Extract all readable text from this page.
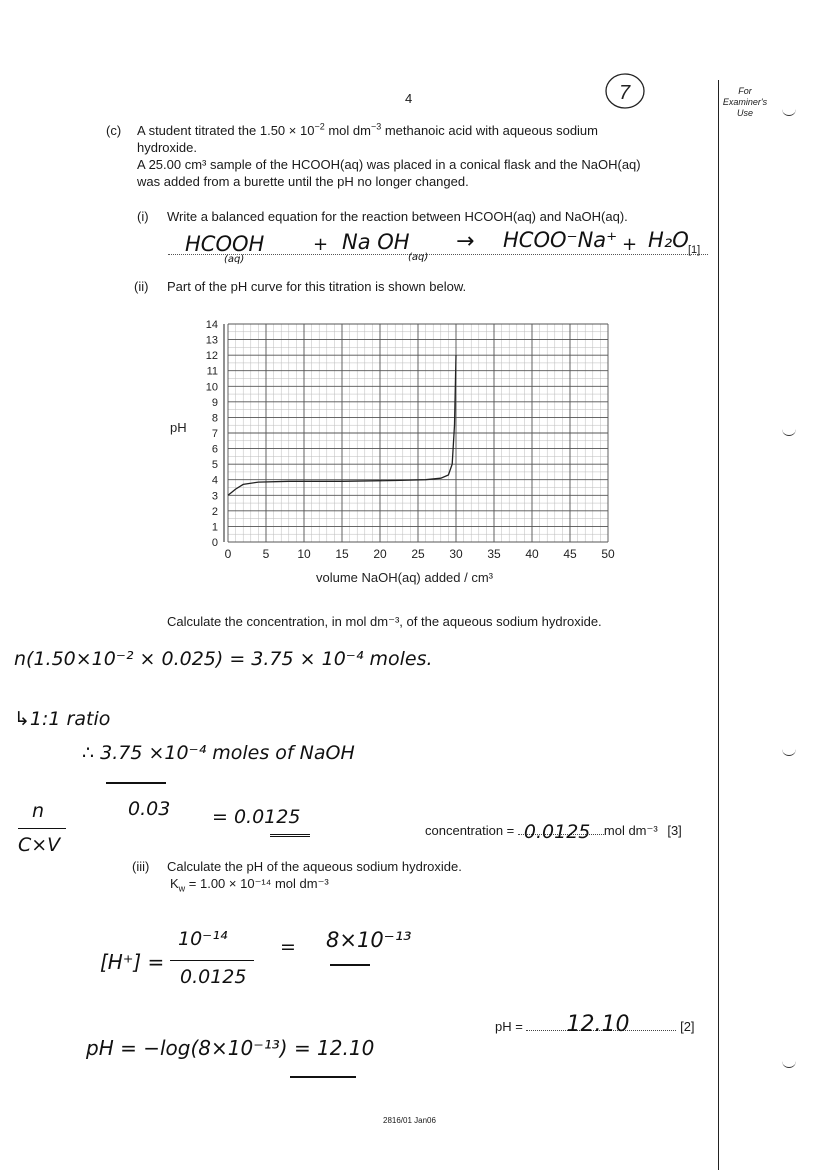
4	7	For Examiner's Use
(c) A student titrated the $1.50 \times 10^{-2}$ mol $dm^{-3}$ methanoic acid with aqueous sodium
hydroxide.
A 25.00 cm³ sample of the HCOOH(aq) was placed in a conical flask and the NaOH(aq)
was added from a burette until the pH no longer changed.
(i) Write a balanced equation for the reaction between HCOOH(aq) and NaOH(aq).
HCOOH
(aq)
+ Na OH
(aq)
→ HCOO⁻Na⁺ + H₂O [1]
(ii) Part of the pH curve for this titration is shown below.
0
1
2
3
4
5
6
7
8
9
10
11
12
13
14
0	5 10 15 20 25 30 35 40 45 50
pH
volume NaOH(aq) added / cm³
Calculate the concentration, in mol dm⁻³, of the aqueous sodium hydroxide.
n(1.50×10⁻² × 0.025) = 3.75 × 10⁻⁴ moles.
↳1:1 ratio
∴ 3.75 ×10⁻⁴ moles of NaOH
0.03 = 0.0125
n
C×V
concentration = 0.0125 mol dm⁻³ [3]
(iii) Calculate the pH of the aqueous sodium hydroxide.
$K_w = 1.00 \times 10^{-14}$ mol dm⁻³
[H⁺] =
10⁻¹⁴
0.0125
= 8×10⁻¹³
pH = 12.10	[2]
pH = −log(8×10⁻¹³) = 12.10
2816/01 Jan06
